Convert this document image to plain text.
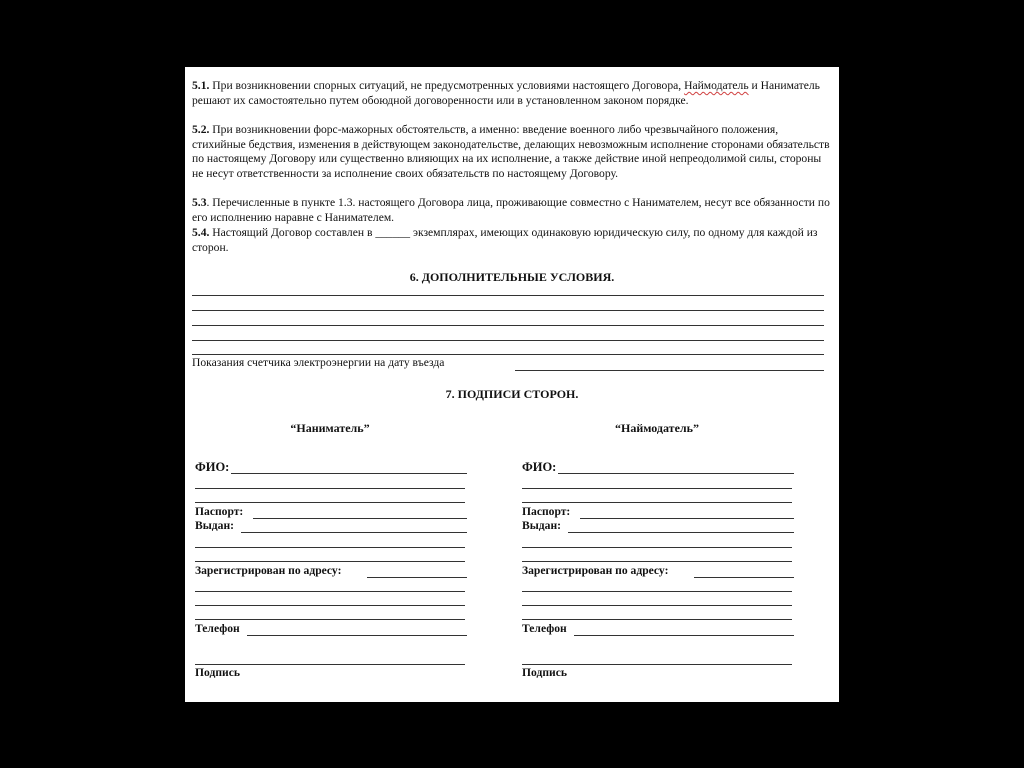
5.1. При возникновении спорных ситуаций, не предусмотренных условиями настоящего Договора, Наймодатель и Наниматель решают их самостоятельно путем обоюдной договоренности или в установленном законом порядке.

5.2. При возникновении форс-мажорных обстоятельств, а именно: введение военного либо чрезвычайного положения, стихийные бедствия, изменения в действующем законодательстве, делающих невозможным исполнение сторонами обязательств по настоящему Договору или существенно влияющих на их исполнение, а также действие иной непреодолимой силы, стороны не несут ответственности за исполнение своих обязательств по настоящему Договору.

5.3. Перечисленные в пункте 1.3. настоящего Договора лица, проживающие совместно с Нанимателем, несут все обязанности по его исполнению наравне с Нанимателем.

5.4. Настоящий Договор составлен в ______ экземплярах, имеющих одинаковую юридическую силу, по одному для каждой из сторон.

6. ДОПОЛНИТЕЛЬНЫЕ УСЛОВИЯ.
Показания счетчика электроэнергии на дату въезда
7. ПОДПИСИ СТОРОН.
“Наниматель”
ФИО:
Паспорт:
Выдан:
Зарегистрирован по адресу:
Телефон
Подпись
“Наймодатель”
ФИО:
Паспорт:
Выдан:
Зарегистрирован по адресу:
Телефон
Подпись
